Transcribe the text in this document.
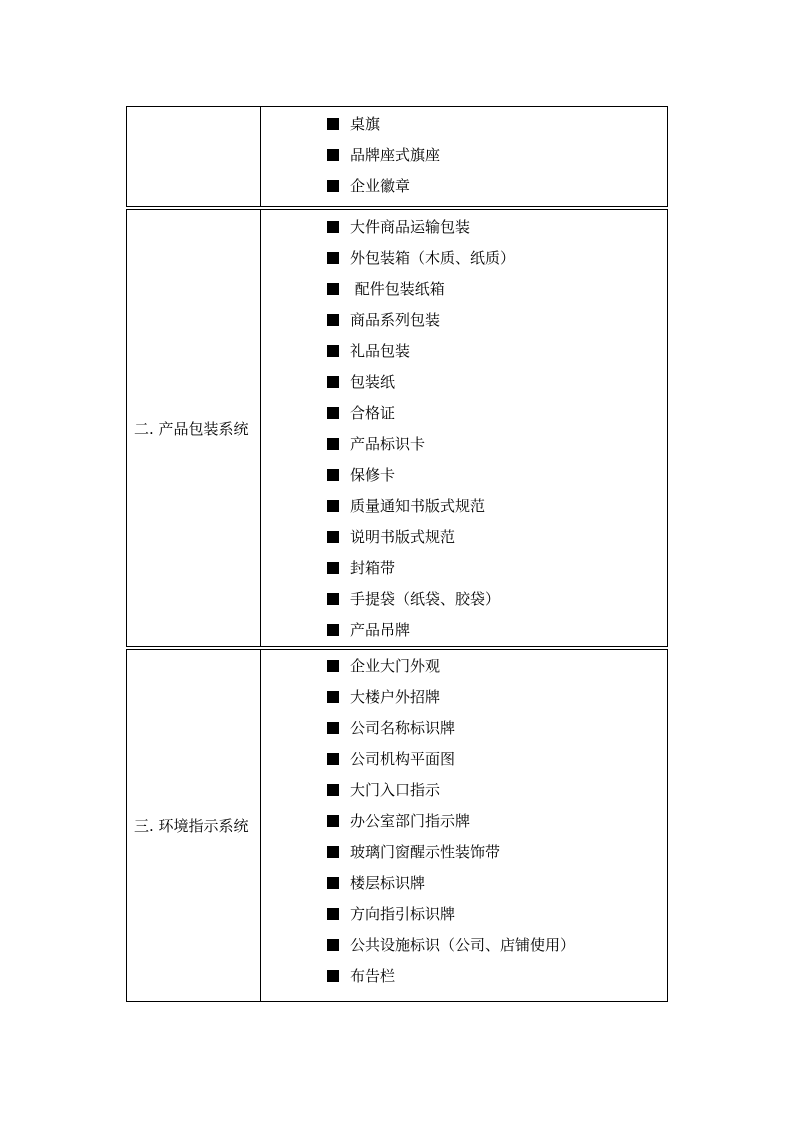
桌旗
品牌座式旗座
企业徽章
二. 产品包装系统
大件商品运输包装
外包装箱（木质、纸质）
配件包装纸箱
商品系列包装
礼品包装
包装纸
合格证
产品标识卡
保修卡
质量通知书版式规范
说明书版式规范
封箱带
手提袋（纸袋、胶袋）
产品吊牌
三. 环境指示系统
企业大门外观
大楼户外招牌
公司名称标识牌
公司机构平面图
大门入口指示
办公室部门指示牌
玻璃门窗醒示性装饰带
楼层标识牌
方向指引标识牌
公共设施标识（公司、店铺使用）
布告栏
